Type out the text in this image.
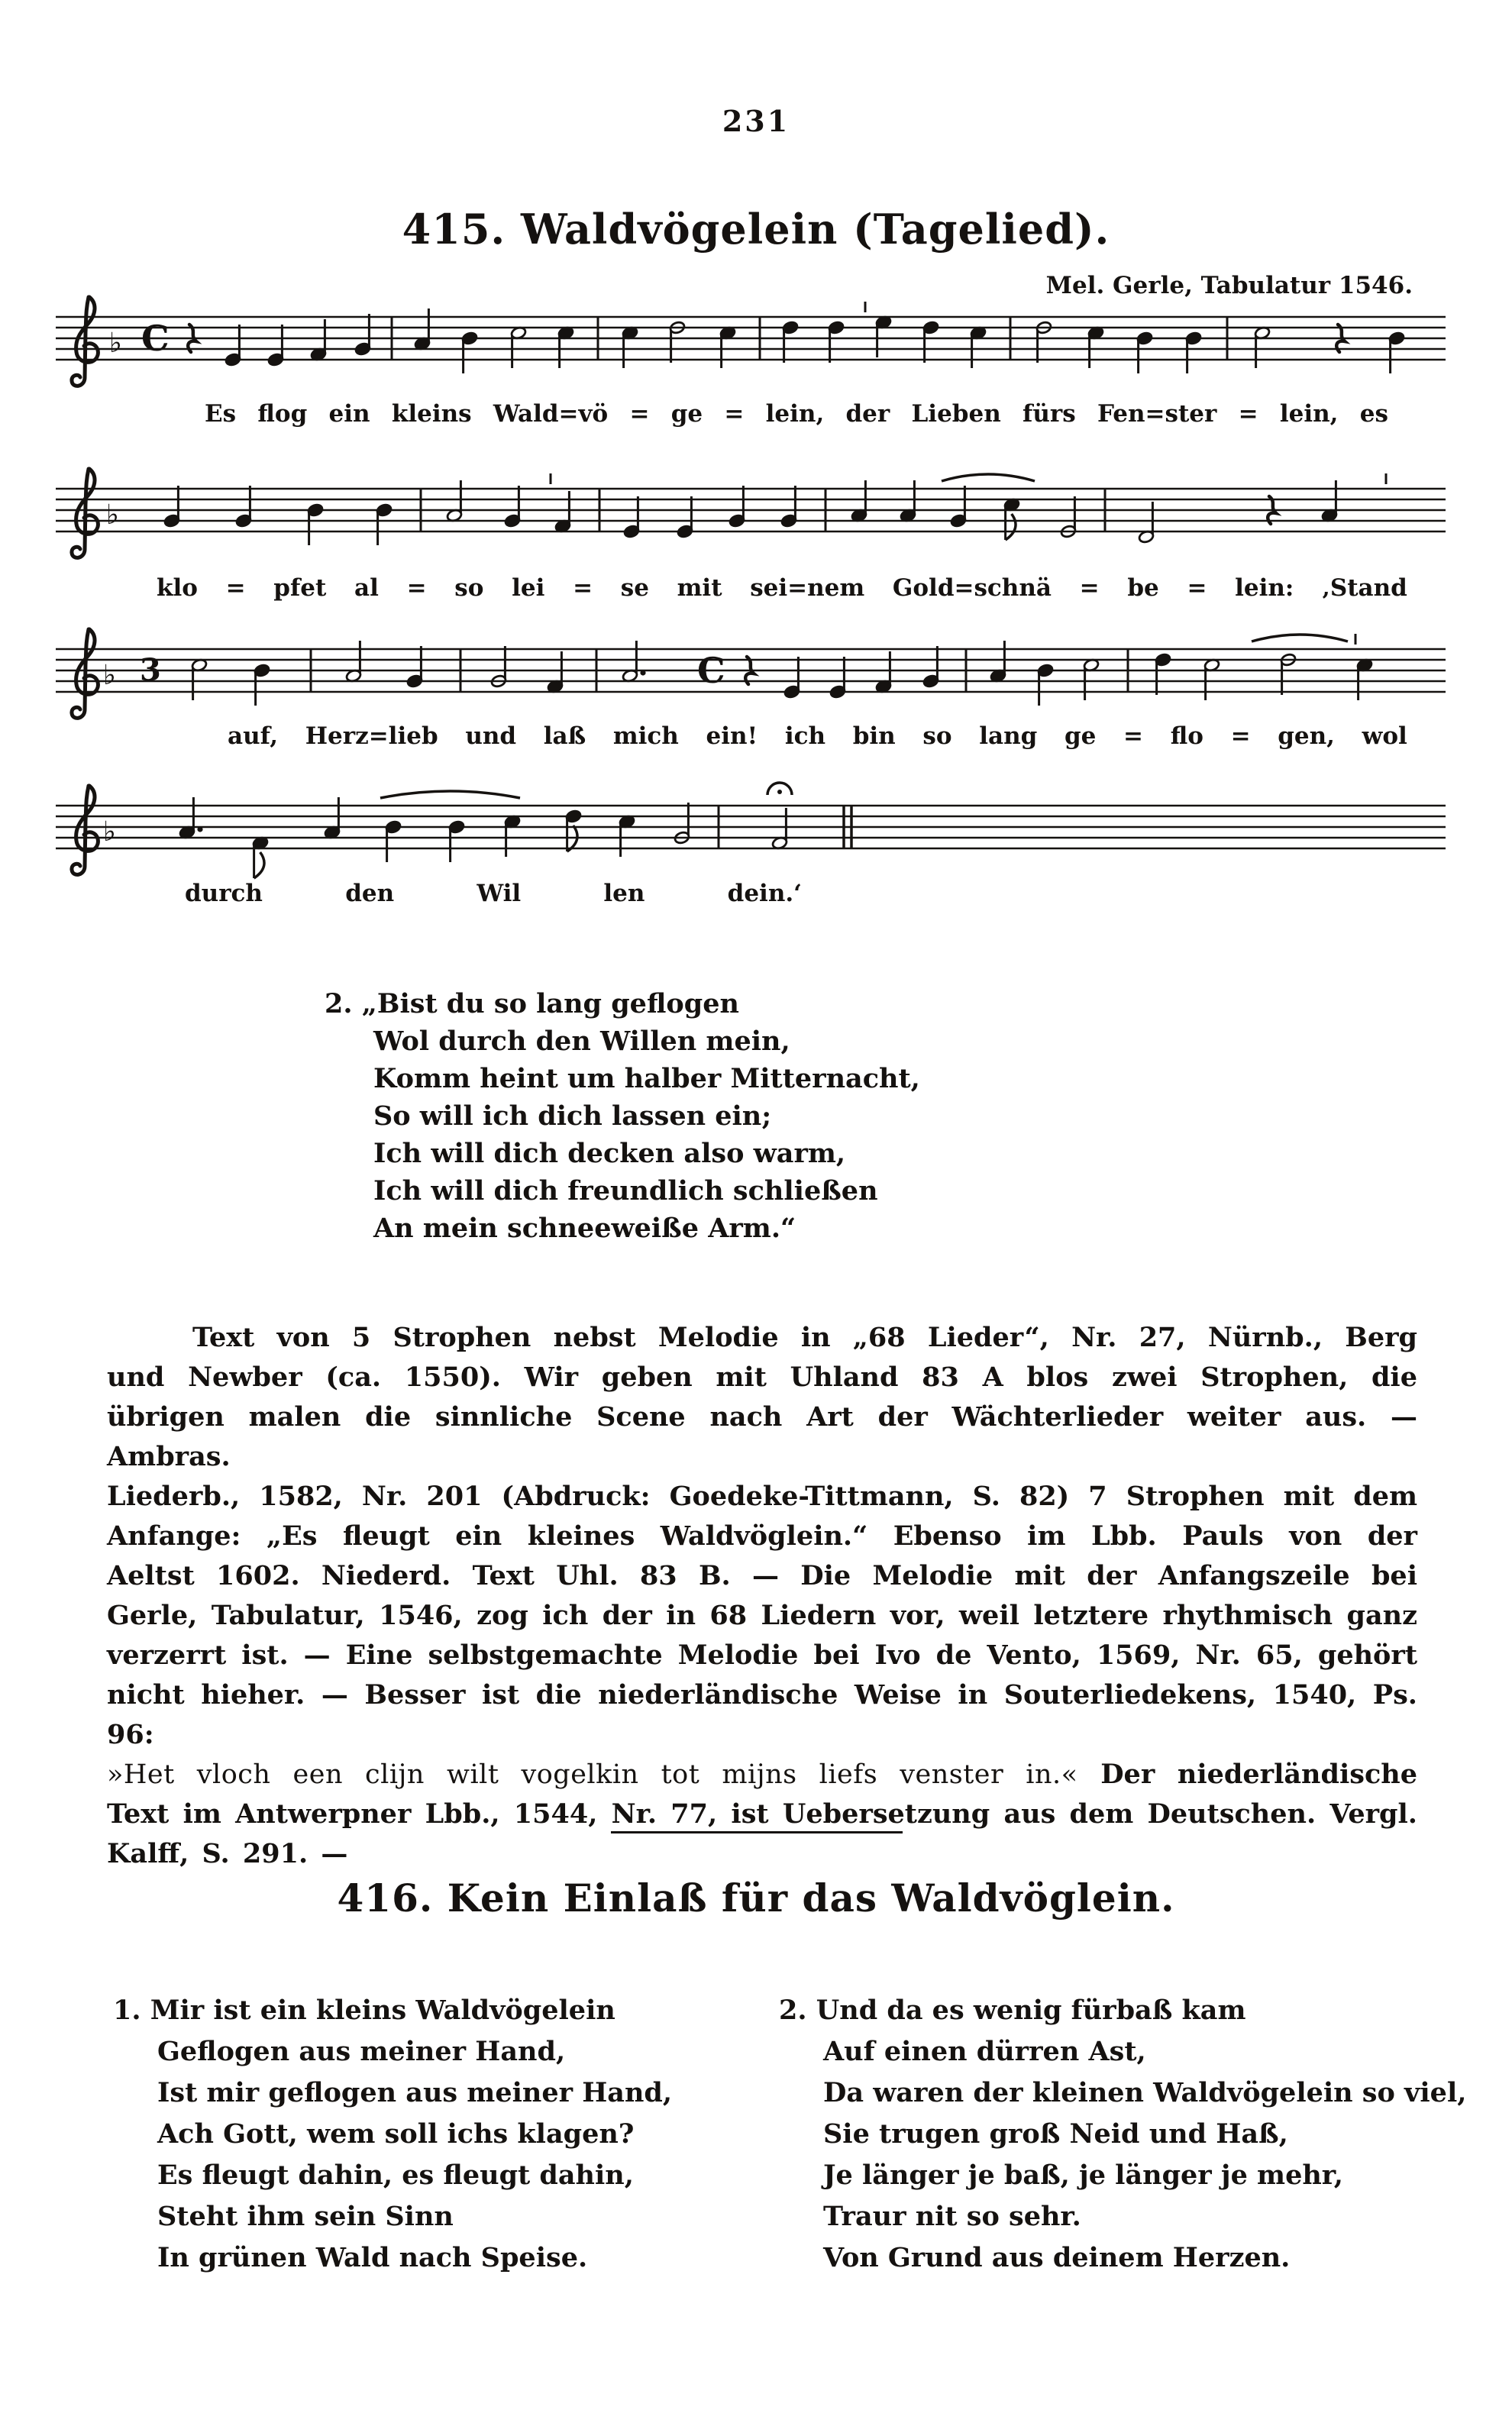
231
415. Waldvögelein (Tagelied).
Mel. Gerle, Tabulatur 1546.
♭ C
♭
♭ 3	C
♭
Es flog ein kleins Wald=vö = ge = lein, der Lieben fürs Fen=ster = lein, es
klo = pfet al = so lei = se mit sei=nem Gold=schnä = be = lein: ‚Stand
auf, Herz=lieb und laß mich ein! ich bin so lang ge = flo = gen, wol
durch	den	Wil	len	dein.‘
2. „Bist du so lang geflogen
Wol durch den Willen mein,
Komm heint um halber Mitternacht,
So will ich dich lassen ein;
Ich will dich decken also warm,
Ich will dich freundlich schließen
An mein schneeweiße Arm.“
Text von 5 Strophen nebst Melodie in „68 Lieder“, Nr. 27, Nürnb., Berg
und Newber (ca. 1550). Wir geben mit Uhland 83 A blos zwei Strophen, die
übrigen malen die sinnliche Scene nach Art der Wächterlieder weiter aus. — Ambras.
Liederb., 1582, Nr. 201 (Abdruck: Goedeke-Tittmann, S. 82) 7 Strophen mit dem
Anfange: „Es fleugt ein kleines Waldvöglein.“ Ebenso im Lbb. Pauls von der
Aeltst 1602. Niederd. Text Uhl. 83 B. — Die Melodie mit der Anfangszeile bei
Gerle, Tabulatur, 1546, zog ich der in 68 Liedern vor, weil letztere rhythmisch ganz
verzerrt ist. — Eine selbstgemachte Melodie bei Ivo de Vento, 1569, Nr. 65, gehört
nicht hieher. — Besser ist die niederländische Weise in Souterliedekens, 1540, Ps. 96:
»Het vloch een clijn wilt vogelkin tot mijns liefs venster in.« Der niederländische
Text im Antwerpner Lbb., 1544, Nr. 77, ist Uebersetzung aus dem Deutschen. Vergl.
Kalff, S. 291. —
416. Kein Einlaß für das Waldvöglein.
1. Mir ist ein kleins Waldvögelein
Geflogen aus meiner Hand,
Ist mir geflogen aus meiner Hand,
Ach Gott, wem soll ichs klagen?
Es fleugt dahin, es fleugt dahin,
Steht ihm sein Sinn
In grünen Wald nach Speise.
2. Und da es wenig fürbaß kam
Auf einen dürren Ast,
Da waren der kleinen Waldvögelein so viel,
Sie trugen groß Neid und Haß,
Je länger je baß, je länger je mehr,
Traur nit so sehr.
Von Grund aus deinem Herzen.
